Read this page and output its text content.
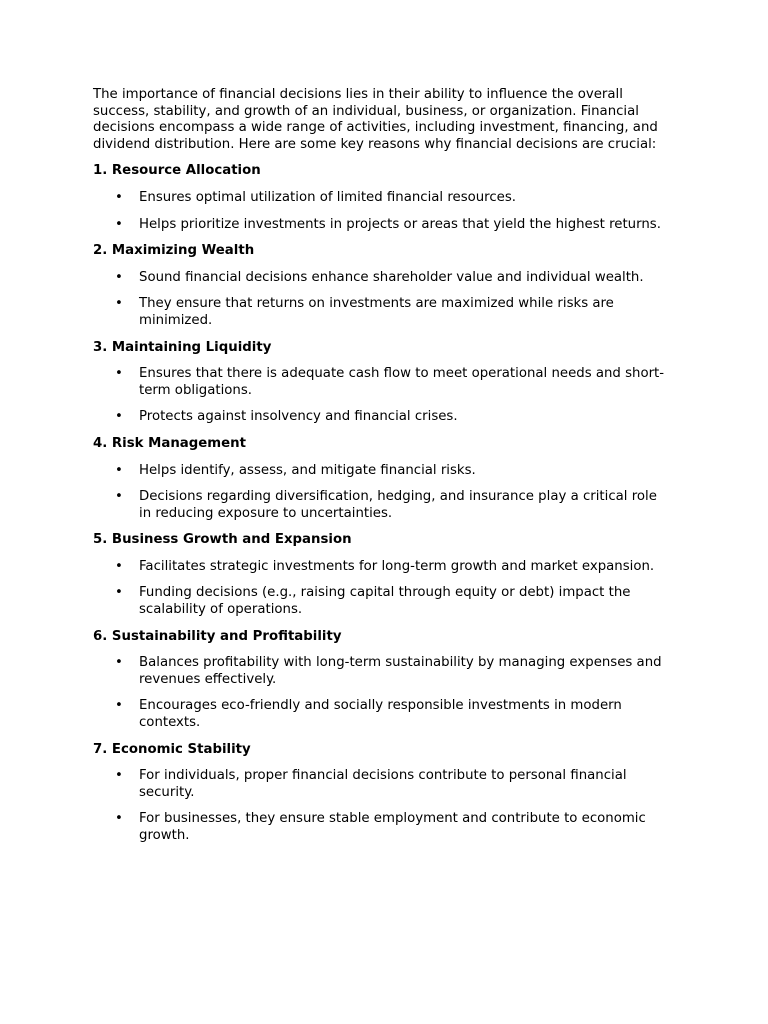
The importance of financial decisions lies in their ability to influence the overall success, stability, and growth of an individual, business, or organization. Financial decisions encompass a wide range of activities, including investment, financing, and dividend distribution. Here are some key reasons why financial decisions are crucial:

1. Resource Allocation
• Ensures optimal utilization of limited financial resources.
• Helps prioritize investments in projects or areas that yield the highest returns.
2. Maximizing Wealth
• Sound financial decisions enhance shareholder value and individual wealth.
• They ensure that returns on investments are maximized while risks are minimized.
3. Maintaining Liquidity
• Ensures that there is adequate cash flow to meet operational needs and short-term obligations.
• Protects against insolvency and financial crises.
4. Risk Management
• Helps identify, assess, and mitigate financial risks.
• Decisions regarding diversification, hedging, and insurance play a critical role in reducing exposure to uncertainties.
5. Business Growth and Expansion
• Facilitates strategic investments for long-term growth and market expansion.
• Funding decisions (e.g., raising capital through equity or debt) impact the scalability of operations.
6. Sustainability and Profitability
• Balances profitability with long-term sustainability by managing expenses and revenues effectively.
• Encourages eco-friendly and socially responsible investments in modern contexts.
7. Economic Stability
• For individuals, proper financial decisions contribute to personal financial security.
• For businesses, they ensure stable employment and contribute to economic growth.
